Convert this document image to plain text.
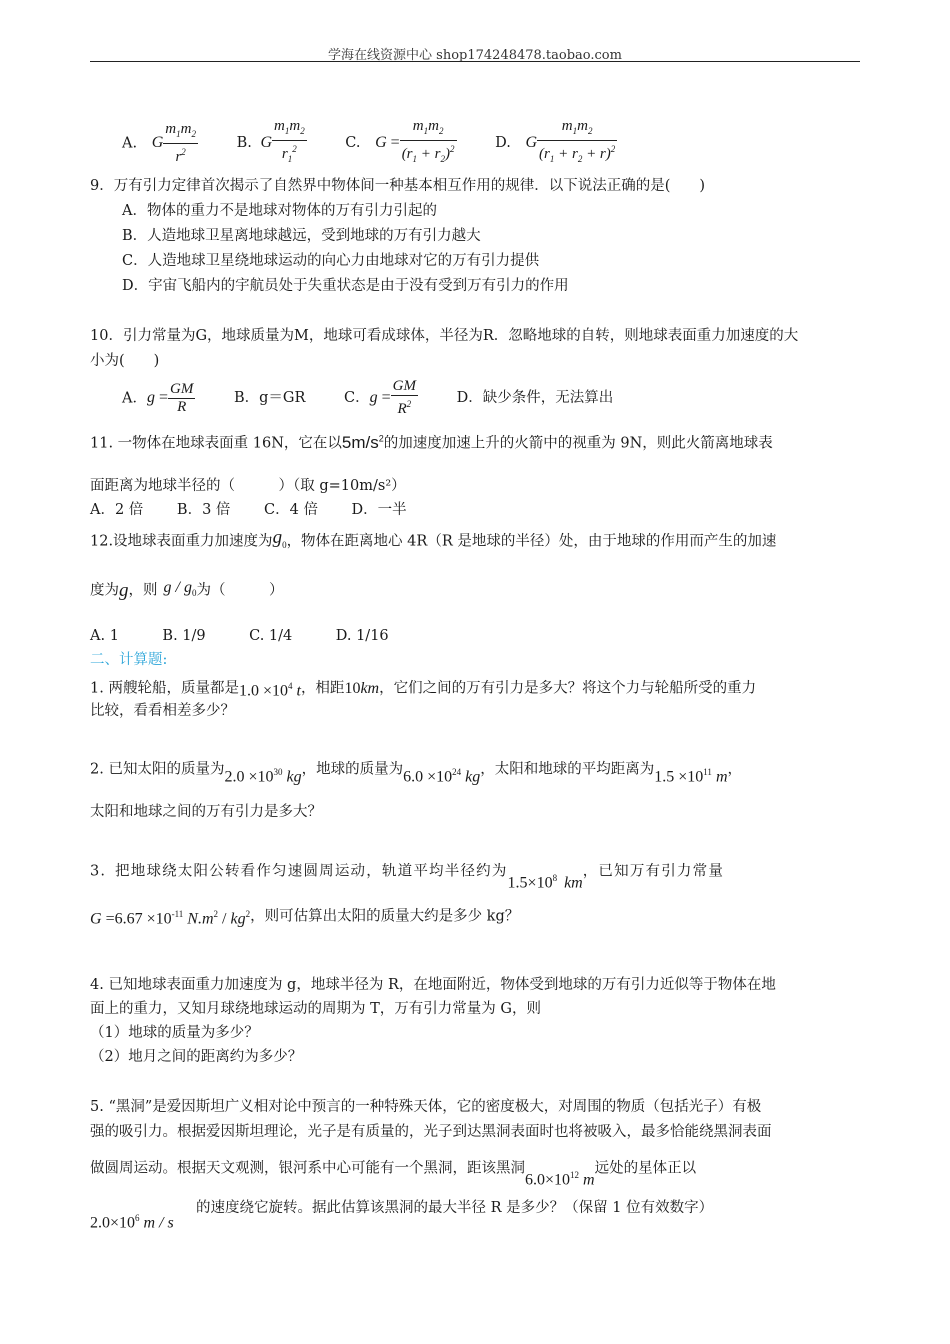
学海在线资源中心 shop174248478.taobao.com
A. G $\frac{m_1m_2}{r^2}$	B. G $\frac{m_1m_2}{r_1^2}$	C. $G = \frac{m_1m_2}{(r_1 + r_2)^2}$	D. G $\frac{m_1m_2}{(r_1 + r_2 + r)^2}$
9．万有引力定律首次揭示了自然界中物体间一种基本相互作用的规律．以下说法正确的是(　　)
A．物体的重力不是地球对物体的万有引力引起的
B．人造地球卫星离地球越远，受到地球的万有引力越大
C．人造地球卫星绕地球运动的向心力由地球对它的万有引力提供
D．宇宙飞船内的宇航员处于失重状态是由于没有受到万有引力的作用
10．引力常量为G，地球质量为M，地球可看成球体，半径为R．忽略地球的自转，则地球表面重力加速度的大
小为(　　)
A．$g = \frac{GM}{R}$	B．g＝GR	C．$g = \frac{GM}{R^2}$	D．缺少条件，无法算出
11. 一物体在地球表面重 16N，它在以$5m/s^2$的加速度加速上升的火箭中的视重为 9N，则此火箭离地球表
面距离为地球半径的（　　　）（取 g=10m/s²）
A．2 倍　　 B．3 倍　　 C．4 倍　　 D．一半
12.设地球表面重力加速度为$g_0$，物体在距离地心 4R（R 是地球的半径）处，由于地球的作用而产生的加速
度为g，则 g / $g_0$为（　　　）
A. 1　　　B. 1/9　　　C. 1/4　　　D. 1/16
二、计算题:
1. 两艘轮船，质量都是$1.0 \times 10^4$ t，相距10km，它们之间的万有引力是多大？将这个力与轮船所受的重力
比较，看看相差多少？
2. 已知太阳的质量为$2.0 \times 10^{30}$ kg，地球的质量为$6.0 \times 10^{24}$ kg，太阳和地球的平均距离为$1.5 \times 10^{11}$ m，
太阳和地球之间的万有引力是多大？
3. 把地球绕太阳公转看作匀速圆周运动，轨道平均半径约为$1.5\times 10^8$ km，已知万有引力常量
$G =6.67 \times 10^{-11}$ $N.m^2 / kg^2$，则可估算出太阳的质量大约是多少 kg？
4. 已知地球表面重力加速度为 g，地球半径为 R，在地面附近，物体受到地球的万有引力近似等于物体在地
面上的重力，又知月球绕地球运动的周期为 T，万有引力常量为 G，则
（1）地球的质量为多少？
（2）地月之间的距离约为多少？
5. “黑洞”是爱因斯坦广义相对论中预言的一种特殊天体，它的密度极大，对周围的物质（包括光子）有极
强的吸引力。根据爱因斯坦理论，光子是有质量的，光子到达黑洞表面时也将被吸入，最多恰能绕黑洞表面
做圆周运动。根据天文观测，银河系中心可能有一个黑洞，距该黑洞$6.0\times 10^{12}$ m远处的星体正以
$2.0\times 10^6$ m / s
的速度绕它旋转。据此估算该黑洞的最大半径 R 是多少？（保留 1 位有效数字）
